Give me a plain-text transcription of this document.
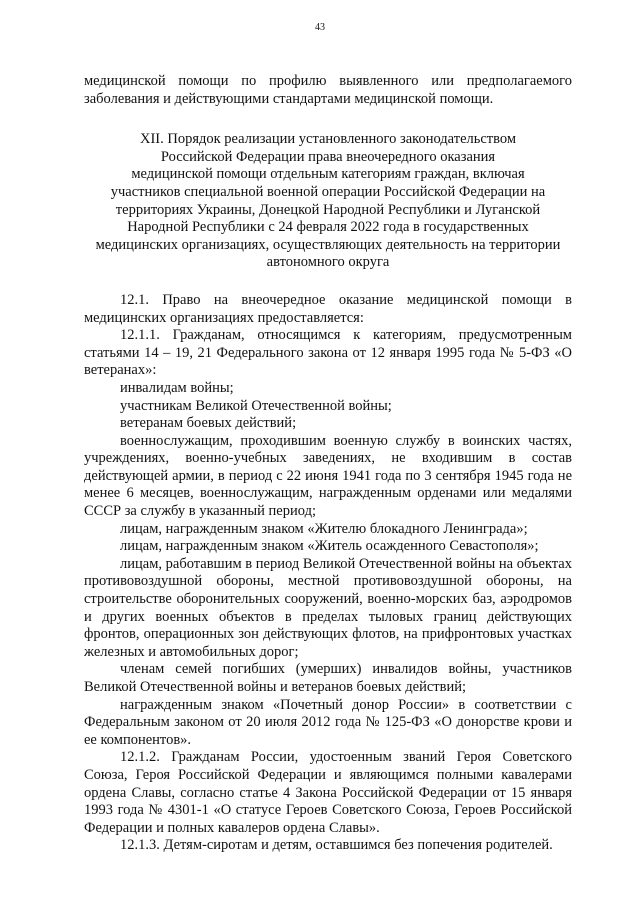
43

медицинской помощи по профилю выявленного или предполагаемого заболевания и действующими стандартами медицинской помощи.

XII. Порядок реализации установленного законодательством
Российской Федерации права внеочередного оказания
медицинской помощи отдельным категориям граждан, включая
участников специальной военной операции Российской Федерации на
территориях Украины, Донецкой Народной Республики и Луганской
Народной Республики с 24 февраля 2022 года в государственных
медицинских организациях, осуществляющих деятельность на территории
автономного округа

12.1. Право на внеочередное оказание медицинской помощи в медицинских организациях предоставляется:

12.1.1. Гражданам, относящимся к категориям, предусмотренным статьями 14 – 19, 21 Федерального закона от 12 января 1995 года № 5-ФЗ «О ветеранах»:

инвалидам войны;

участникам Великой Отечественной войны;

ветеранам боевых действий;

военнослужащим, проходившим военную службу в воинских частях, учреждениях, военно-учебных заведениях, не входившим в состав действующей армии, в период с 22 июня 1941 года по 3 сентября 1945 года не менее 6 месяцев, военнослужащим, награжденным орденами или медалями СССР за службу в указанный период;

лицам, награжденным знаком «Жителю блокадного Ленинграда»;

лицам, награжденным знаком «Житель осажденного Севастополя»;

лицам, работавшим в период Великой Отечественной войны на объектах противовоздушной обороны, местной противовоздушной обороны, на строительстве оборонительных сооружений, военно-морских баз, аэродромов и других военных объектов в пределах тыловых границ действующих фронтов, операционных зон действующих флотов, на прифронтовых участках железных и автомобильных дорог;

членам семей погибших (умерших) инвалидов войны, участников Великой Отечественной войны и ветеранов боевых действий;

награжденным знаком «Почетный донор России» в соответствии с Федеральным законом от 20 июля 2012 года № 125-ФЗ «О донорстве крови и ее компонентов».

12.1.2. Гражданам России, удостоенным званий Героя Советского Союза, Героя Российской Федерации и являющимся полными кавалерами ордена Славы, согласно статье 4 Закона Российской Федерации от 15 января 1993 года № 4301-1 «О статусе Героев Советского Союза, Героев Российской Федерации и полных кавалеров ордена Славы».

12.1.3. Детям-сиротам и детям, оставшимся без попечения родителей.
